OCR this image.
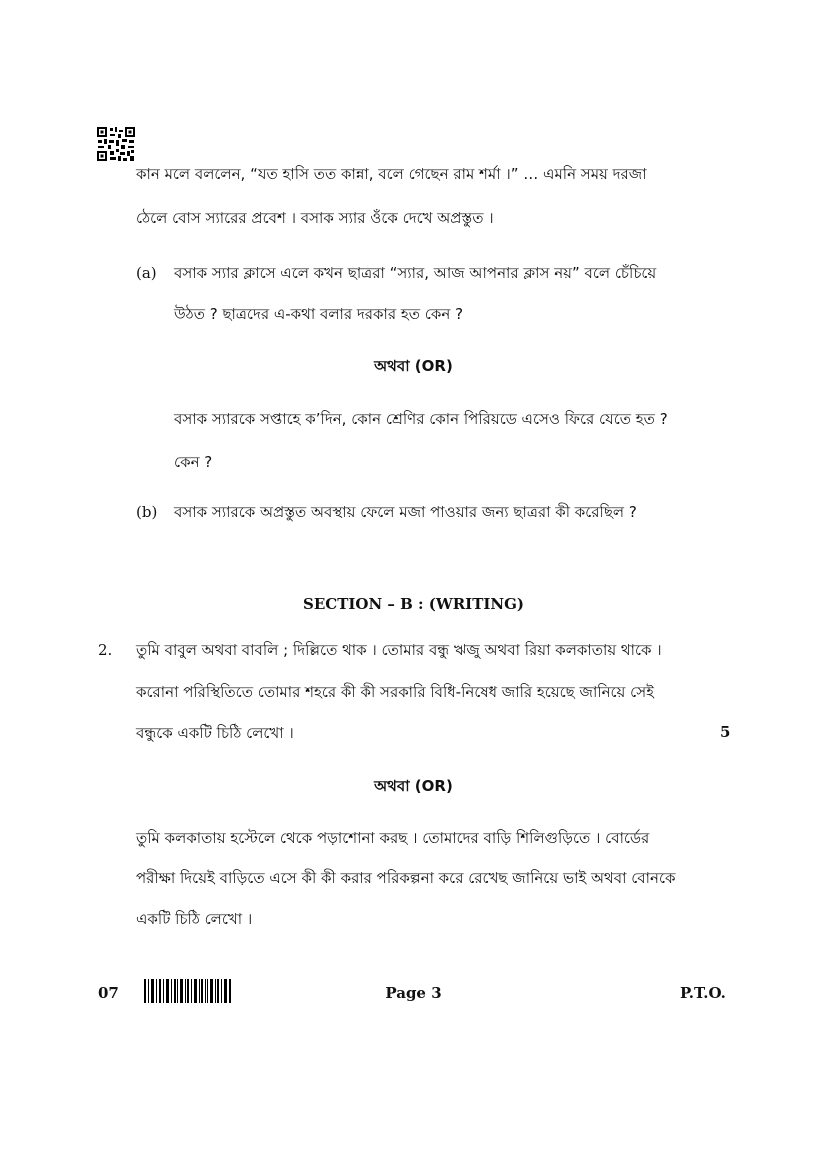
কান মলে বললেন, “যত হাসি তত কান্না, বলে গেছেন রাম শর্মা ।” … এমনি সময় দরজা
ঠেলে বোস স্যারের প্রবেশ । বসাক স্যার ওঁকে দেখে অপ্রস্তুত ।
(a) বসাক স্যার ক্লাসে এলে কখন ছাত্ররা “স্যার, আজ আপনার ক্লাস নয়” বলে চেঁচিয়ে
উঠত ? ছাত্রদের এ-কথা বলার দরকার হত কেন ?
অথবা (OR)
বসাক স্যারকে সপ্তাহে ক’দিন, কোন শ্রেণির কোন পিরিয়ডে এসেও ফিরে যেতে হত ?
কেন ?
(b) বসাক স্যারকে অপ্রস্তুত অবস্থায় ফেলে মজা পাওয়ার জন্য ছাত্ররা কী করেছিল ?
SECTION – B : (WRITING)
2. তুমি বাবুল অথবা বাবলি ; দিল্লিতে থাক । তোমার বন্ধু ঋজু অথবা রিয়া কলকাতায় থাকে ।
করোনা পরিস্থিতিতে তোমার শহরে কী কী সরকারি বিধি-নিষেধ জারি হয়েছে জানিয়ে সেই
বন্ধুকে একটি চিঠি লেখো ।	5
অথবা (OR)
তুমি কলকাতায় হস্টেলে থেকে পড়াশোনা করছ । তোমাদের বাড়ি শিলিগুড়িতে । বোর্ডের
পরীক্ষা দিয়েই বাড়িতে এসে কী কী করার পরিকল্পনা করে রেখেছ জানিয়ে ভাই অথবা বোনকে
একটি চিঠি লেখো ।
07	Page 3	P.T.O.
